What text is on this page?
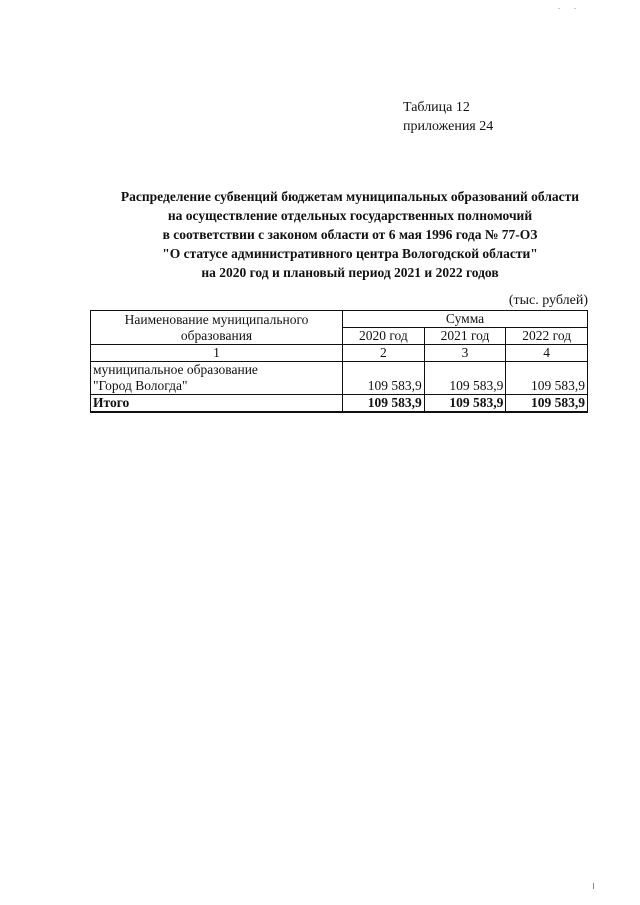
. .
Таблица 12
приложения 24
Распределение субвенций бюджетам муниципальных образований области
на осуществление отдельных государственных полномочий
в соответствии с законом области от 6 мая 1996 года № 77-ОЗ
"О статусе административного центра Вологодской области"
на 2020 год и плановый период 2021 и 2022 годов
(тыс. рублей)
Наименование муниципального
образования	Сумма		
	2020 год	2021 год	2022 год
1	2	3	4

муниципальное образование
"Город Вологда"	109 583,9	109 583,9	109 583,9
Итого	109 583,9	109 583,9	109 583,9
